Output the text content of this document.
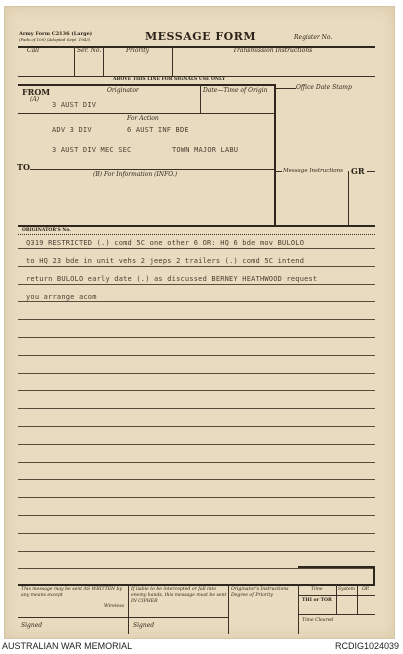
Army Form C2136 (Large)
(Pads of 100) (Adopted Sept. 1943)	MESSAGE FORM	Register No.
Call	Ser. No.	Priority	Transmission Instructions
ABOVE THIS LINE FOR SIGNALS USE ONLY
FROM
(A)
Originator	Date—Time of Origin	Office Date Stamp
3 AUST DIV
For Action
ADV 3 DIV	6 AUST INF BDE
3 AUST DIV MEC SEC	TOWN MAJOR LABU
TO
(B) For Information (INFO.)	Message Instructions GR
ORIGINATOR'S No.
Q319 RESTRICTED (.) comd 5C one other 6 OR: HQ 6 bde mov BULOLO
to HQ 23 bde in unit vehs 2 jeeps 2 trailers (.) comd 5C intend
return BULOLO early date (.) as discussed BERNEY HEATHWOOD request
you arrange acom
This message may be sent AS WRITTEN by any means except
Wireless
If liable to be intercepted or fall into enemy hands, this message must be sent IN CIPHER
Originator's Instructions Degree of Priority
Time	System OP.
THI or TOR
Time Cleared
Signed	Signed
AUSTRALIAN WAR MEMORIAL	RCDIG1024039
